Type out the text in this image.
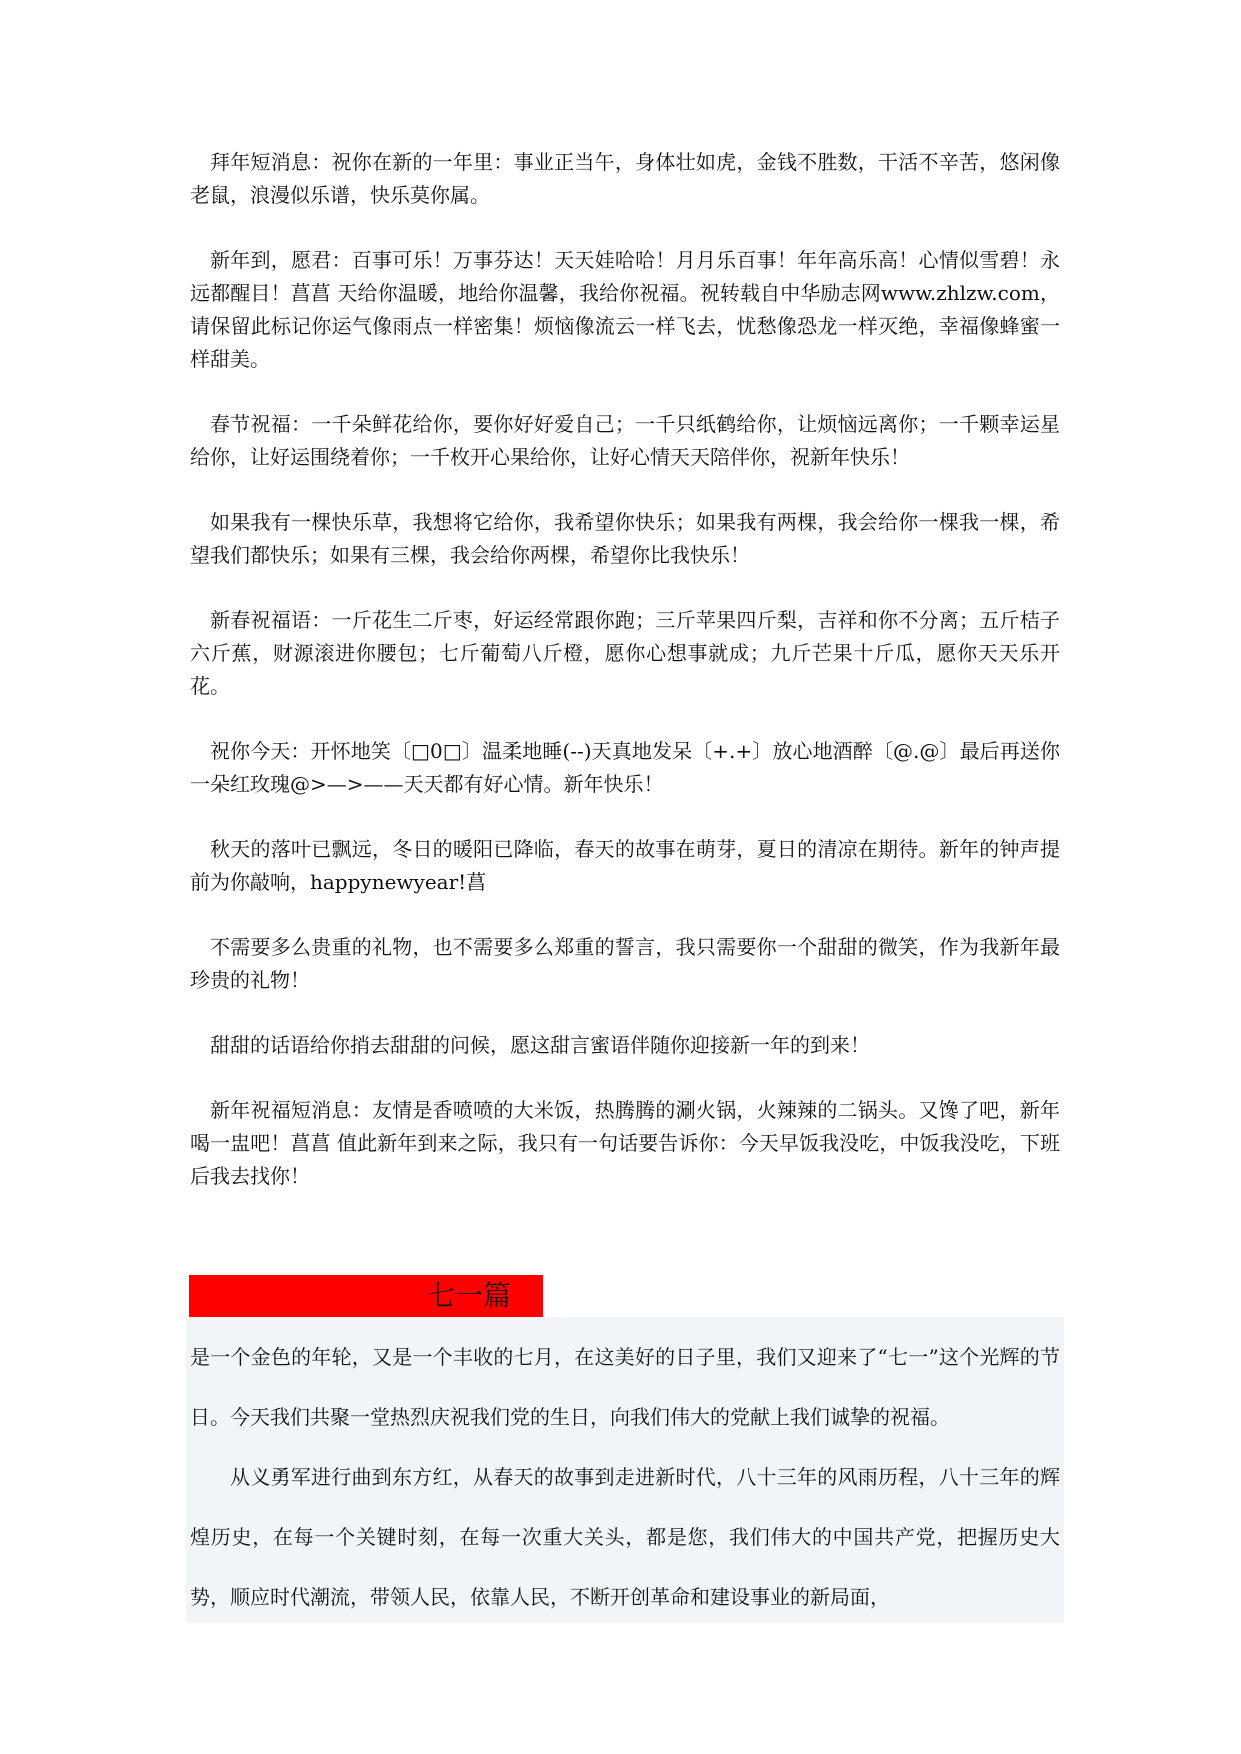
拜年短消息：祝你在新的一年里：事业正当午，身体壮如虎，金钱不胜数，干活不辛苦，悠闲像老鼠，浪漫似乐谱，快乐莫你属。

新年到，愿君：百事可乐！万事芬达！天天娃哈哈！月月乐百事！年年高乐高！心情似雪碧！永远都醒目！菖菖 天给你温暖，地给你温馨，我给你祝福。祝转载自中华励志网www.zhlzw.com，请保留此标记你运气像雨点一样密集！烦恼像流云一样飞去，忧愁像恐龙一样灭绝，幸福像蜂蜜一样甜美。

春节祝福：一千朵鲜花给你，要你好好爱自己；一千只纸鹤给你，让烦恼远离你；一千颗幸运星给你，让好运围绕着你；一千枚开心果给你，让好心情天天陪伴你，祝新年快乐！

如果我有一棵快乐草，我想将它给你，我希望你快乐；如果我有两棵，我会给你一棵我一棵，希望我们都快乐；如果有三棵，我会给你两棵，希望你比我快乐！

新春祝福语：一斤花生二斤枣，好运经常跟你跑；三斤苹果四斤梨，吉祥和你不分离；五斤桔子六斤蕉，财源滚进你腰包；七斤葡萄八斤橙，愿你心想事就成；九斤芒果十斤瓜，愿你天天乐开花。

祝你今天：开怀地笑〔□0□〕温柔地睡(--)天真地发呆〔+.+〕放心地酒醉〔@.@〕最后再送你一朵红玫瑰@>—>——天天都有好心情。新年快乐！

秋天的落叶已飘远，冬日的暖阳已降临，春天的故事在萌芽，夏日的清凉在期待。新年的钟声提前为你敲响，happynewyear!菖

不需要多么贵重的礼物，也不需要多么郑重的誓言，我只需要你一个甜甜的微笑，作为我新年最珍贵的礼物！

甜甜的话语给你捎去甜甜的问候，愿这甜言蜜语伴随你迎接新一年的到来！

新年祝福短消息：友情是香喷喷的大米饭，热腾腾的涮火锅，火辣辣的二锅头。又馋了吧，新年喝一盅吧！菖菖 值此新年到来之际，我只有一句话要告诉你：今天早饭我没吃，中饭我没吃，下班后我去找你！

七一篇

是一个金色的年轮，又是一个丰收的七月，在这美好的日子里，我们又迎来了“七一”这个光辉的节日。今天我们共聚一堂热烈庆祝我们党的生日，向我们伟大的党献上我们诚挚的祝福。

从义勇军进行曲到东方红，从春天的故事到走进新时代，八十三年的风雨历程，八十三年的辉煌历史，在每一个关键时刻，在每一次重大关头，都是您，我们伟大的中国共产党，把握历史大势，顺应时代潮流，带领人民，依靠人民，不断开创革命和建设事业的新局面，
